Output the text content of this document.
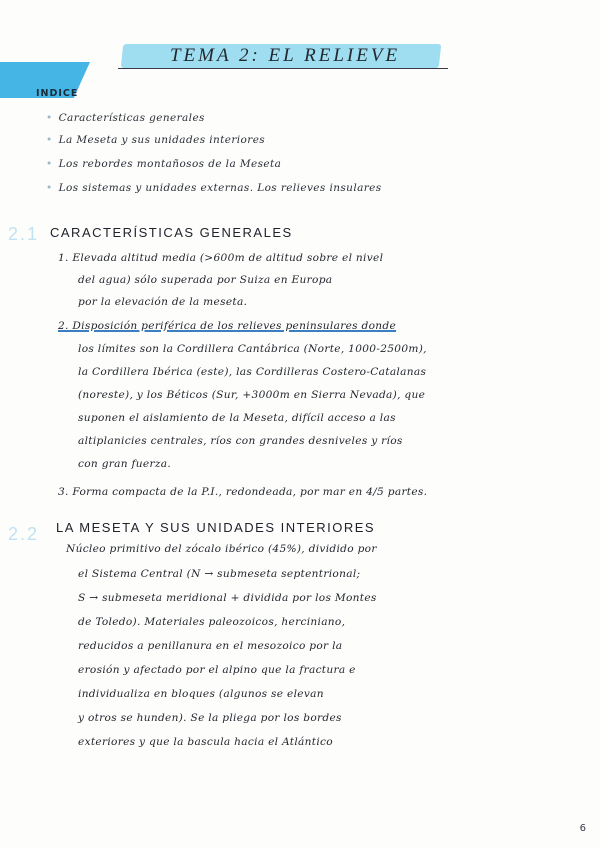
TEMA 2: EL RELIEVE
INDICE
• Características generales
• La Meseta y sus unidades interiores
• Los rebordes montañosos de la Meseta
• Los sistemas y unidades externas. Los relieves insulares
2.1 CARACTERÍSTICAS GENERALES
1. Elevada altitud media (>600m de altitud sobre el nivel
del agua) sólo superada por Suiza en Europa
por la elevación de la meseta.
2. Disposición periférica de los relieves peninsulares donde
los límites son la Cordillera Cantábrica (Norte, 1000-2500m),
la Cordillera Ibérica (este), las Cordilleras Costero-Catalanas
(noreste), y los Béticos (Sur, +3000m en Sierra Nevada), que
suponen el aislamiento de la Meseta, difícil acceso a las
altiplanicies centrales, ríos con grandes desniveles y ríos
con gran fuerza.
3. Forma compacta de la P.I., redondeada, por mar en 4/5 partes.
2.2 LA MESETA Y SUS UNIDADES INTERIORES
Núcleo primitivo del zócalo ibérico (45%), dividido por
el Sistema Central (N → submeseta septentrional;
S → submeseta meridional + dividida por los Montes
de Toledo). Materiales paleozoicos, herciniano,
reducidos a penillanura en el mesozoico por la
erosión y afectado por el alpino que la fractura e
individualiza en bloques (algunos se elevan
y otros se hunden). Se la pliega por los bordes
exteriores y que la bascula hacia el Atlántico
6
